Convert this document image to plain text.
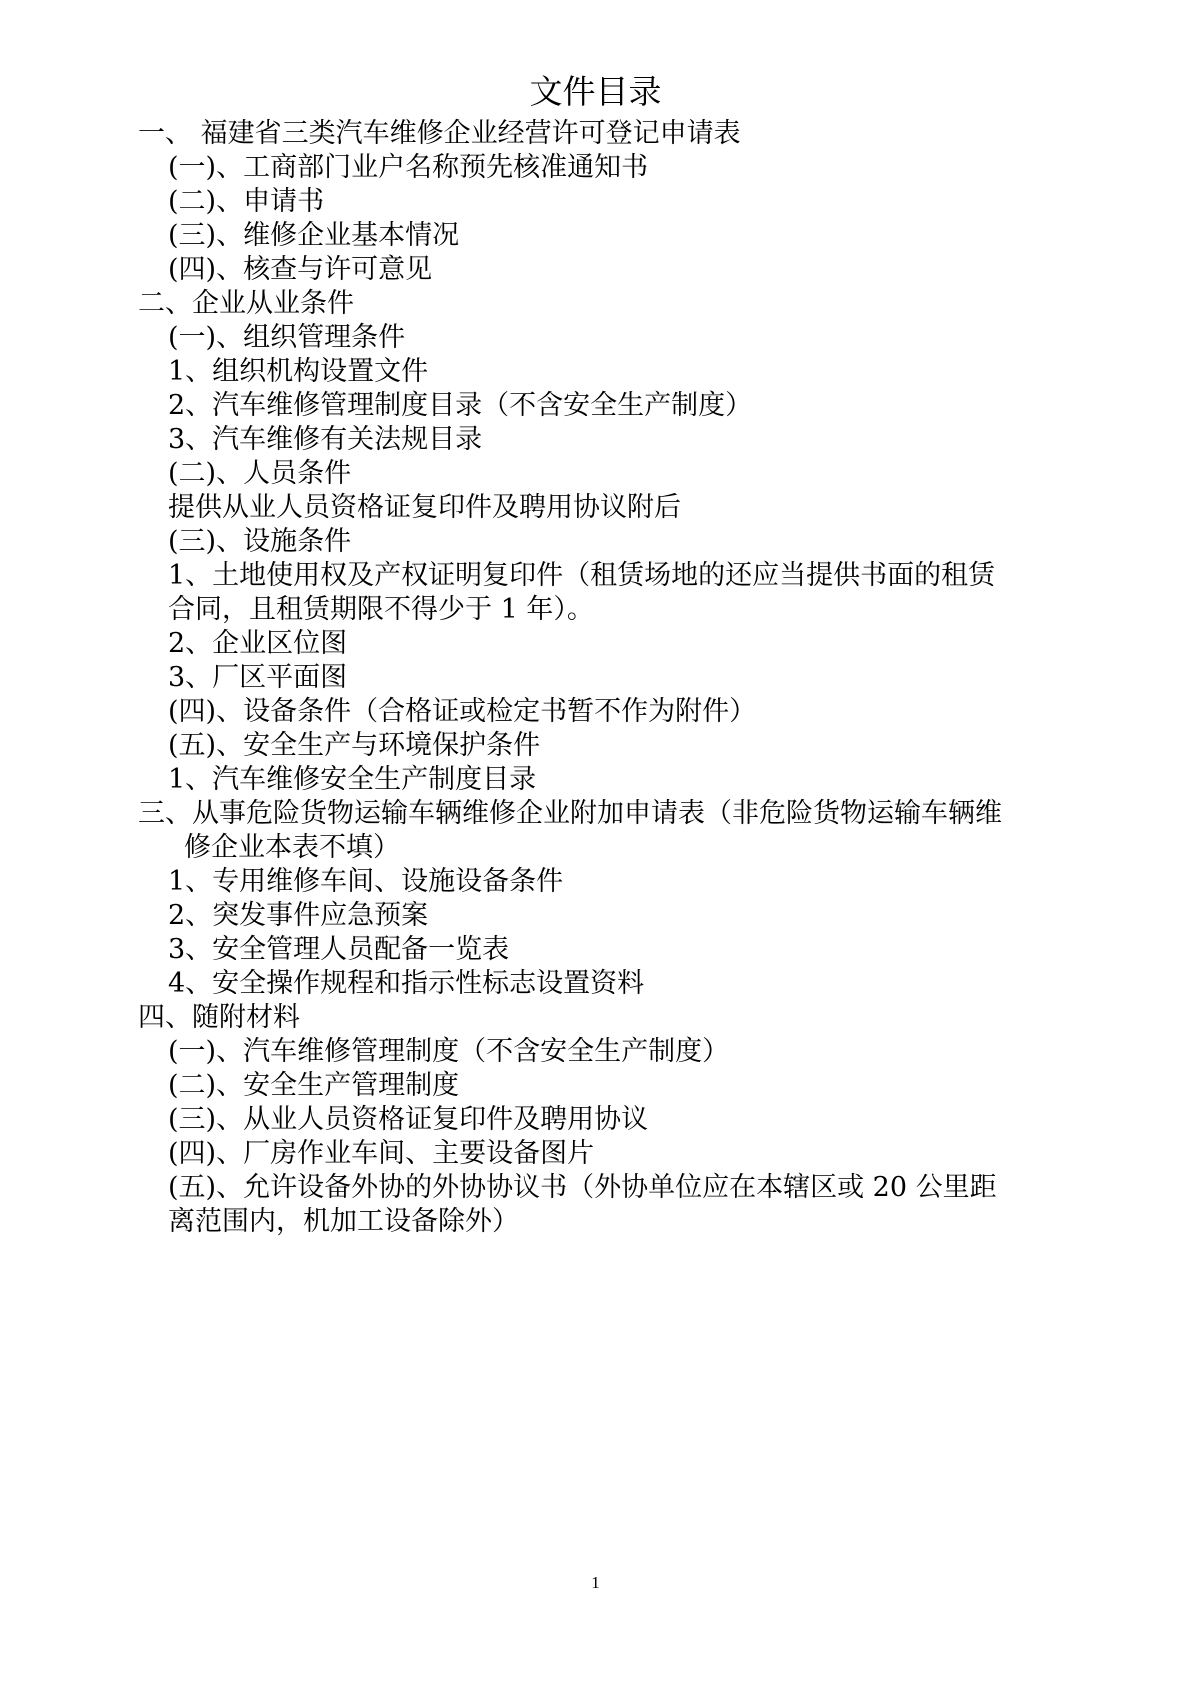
文件目录
一、 福建省三类汽车维修企业经营许可登记申请表
(一)、工商部门业户名称预先核准通知书
(二)、申请书
(三)、维修企业基本情况
(四)、核查与许可意见
二、企业从业条件
(一)、组织管理条件
1、组织机构设置文件
2、汽车维修管理制度目录（不含安全生产制度）
3、汽车维修有关法规目录
(二)、人员条件
提供从业人员资格证复印件及聘用协议附后
(三)、设施条件
1、土地使用权及产权证明复印件（租赁场地的还应当提供书面的租赁
合同，且租赁期限不得少于 1 年）。
2、企业区位图
3、厂区平面图
(四)、设备条件（合格证或检定书暂不作为附件）
(五)、安全生产与环境保护条件
1、汽车维修安全生产制度目录
三、从事危险货物运输车辆维修企业附加申请表（非危险货物运输车辆维
修企业本表不填）
1、专用维修车间、设施设备条件
2、突发事件应急预案
3、安全管理人员配备一览表
4、安全操作规程和指示性标志设置资料
四、随附材料
(一)、汽车维修管理制度（不含安全生产制度）
(二)、安全生产管理制度
(三)、从业人员资格证复印件及聘用协议
(四)、厂房作业车间、主要设备图片
(五)、允许设备外协的外协协议书（外协单位应在本辖区或 20 公里距
离范围内，机加工设备除外）
1
